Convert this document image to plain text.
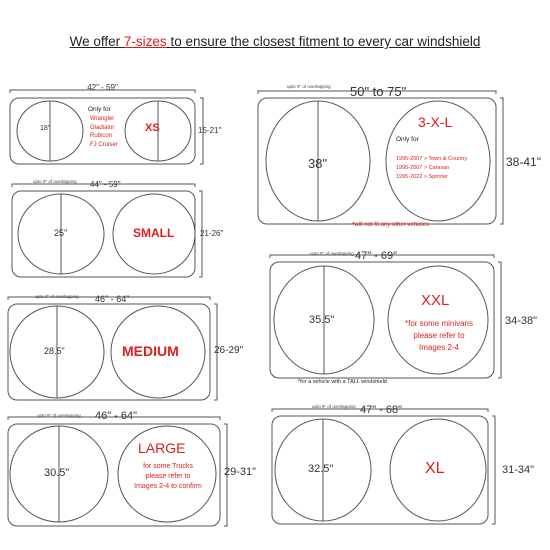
We offer 7-sizes to ensure the closest fitment to every car windshield
42" - 59"
15-21"
18"
Only for
Wrangler
Gladiator
Rubicon
FJ Cruiser
XS
upto 9" of overlapping 44" - 59"
21-26"
25"	SMALL
upto 9" of overlapping 46" - 64"
26-29"
28.5"	MEDIUM
upto 9" of overlapping 46" - 64"
29-31"
30.5"
LARGE
for some Trucks
please refer to
Images 2-4 to confirm
upto 9" of overlapping 50" to 75"
38-41"
38"
3-X-L
Only for
1995-2007 > Town & Country
1995-2007 > Caravan
1995-2022 > Sprinter
*will not fit any other vehicles
upto 9" of overlapping 47" - 69"
34-38"
35.5"
XXL
*for some minivans
please refer to
Images 2-4
*for a vehicle with a TALL windshield
upto 9" of overlapping 47" - 68"
31-34"
32.5"	XL
